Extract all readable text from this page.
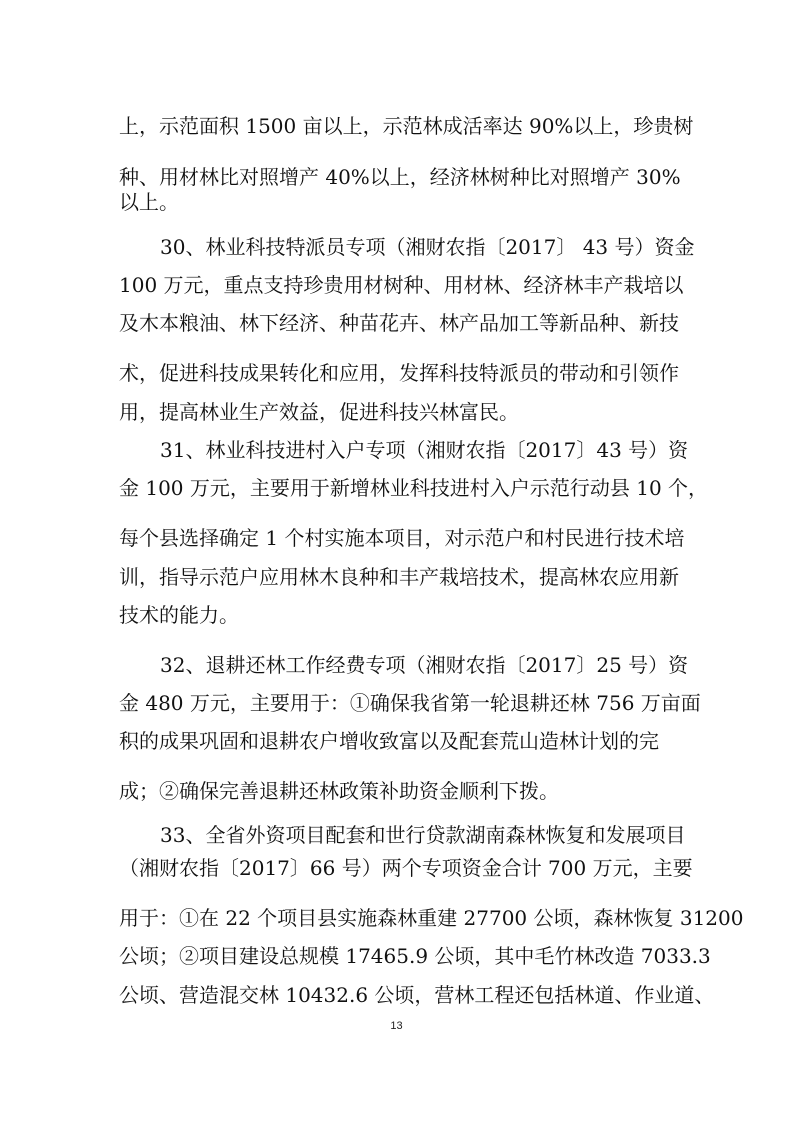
上，示范面积 1500 亩以上，示范林成活率达 90%以上，珍贵树
种、用材林比对照增产 40%以上，经济林树种比对照增产 30%
以上。
30、林业科技特派员专项（湘财农指〔2017〕 43 号）资金
100 万元，重点支持珍贵用材树种、用材林、经济林丰产栽培以
及木本粮油、林下经济、种苗花卉、林产品加工等新品种、新技
术，促进科技成果转化和应用，发挥科技特派员的带动和引领作
用，提高林业生产效益，促进科技兴林富民。
31、林业科技进村入户专项（湘财农指〔2017〕43 号）资
金 100 万元，主要用于新增林业科技进村入户示范行动县 10 个，
每个县选择确定 1 个村实施本项目，对示范户和村民进行技术培
训，指导示范户应用林木良种和丰产栽培技术，提高林农应用新
技术的能力。
32、退耕还林工作经费专项（湘财农指〔2017〕25 号）资
金 480 万元，主要用于：①确保我省第一轮退耕还林 756 万亩面
积的成果巩固和退耕农户增收致富以及配套荒山造林计划的完
成；②确保完善退耕还林政策补助资金顺利下拨。
33、全省外资项目配套和世行贷款湖南森林恢复和发展项目
（湘财农指〔2017〕66 号）两个专项资金合计 700 万元，主要
用于：①在 22 个项目县实施森林重建 27700 公顷，森林恢复 31200
公顷；②项目建设总规模 17465.9 公顷，其中毛竹林改造 7033.3
公顷、营造混交林 10432.6 公顷，营林工程还包括林道、作业道、
13
